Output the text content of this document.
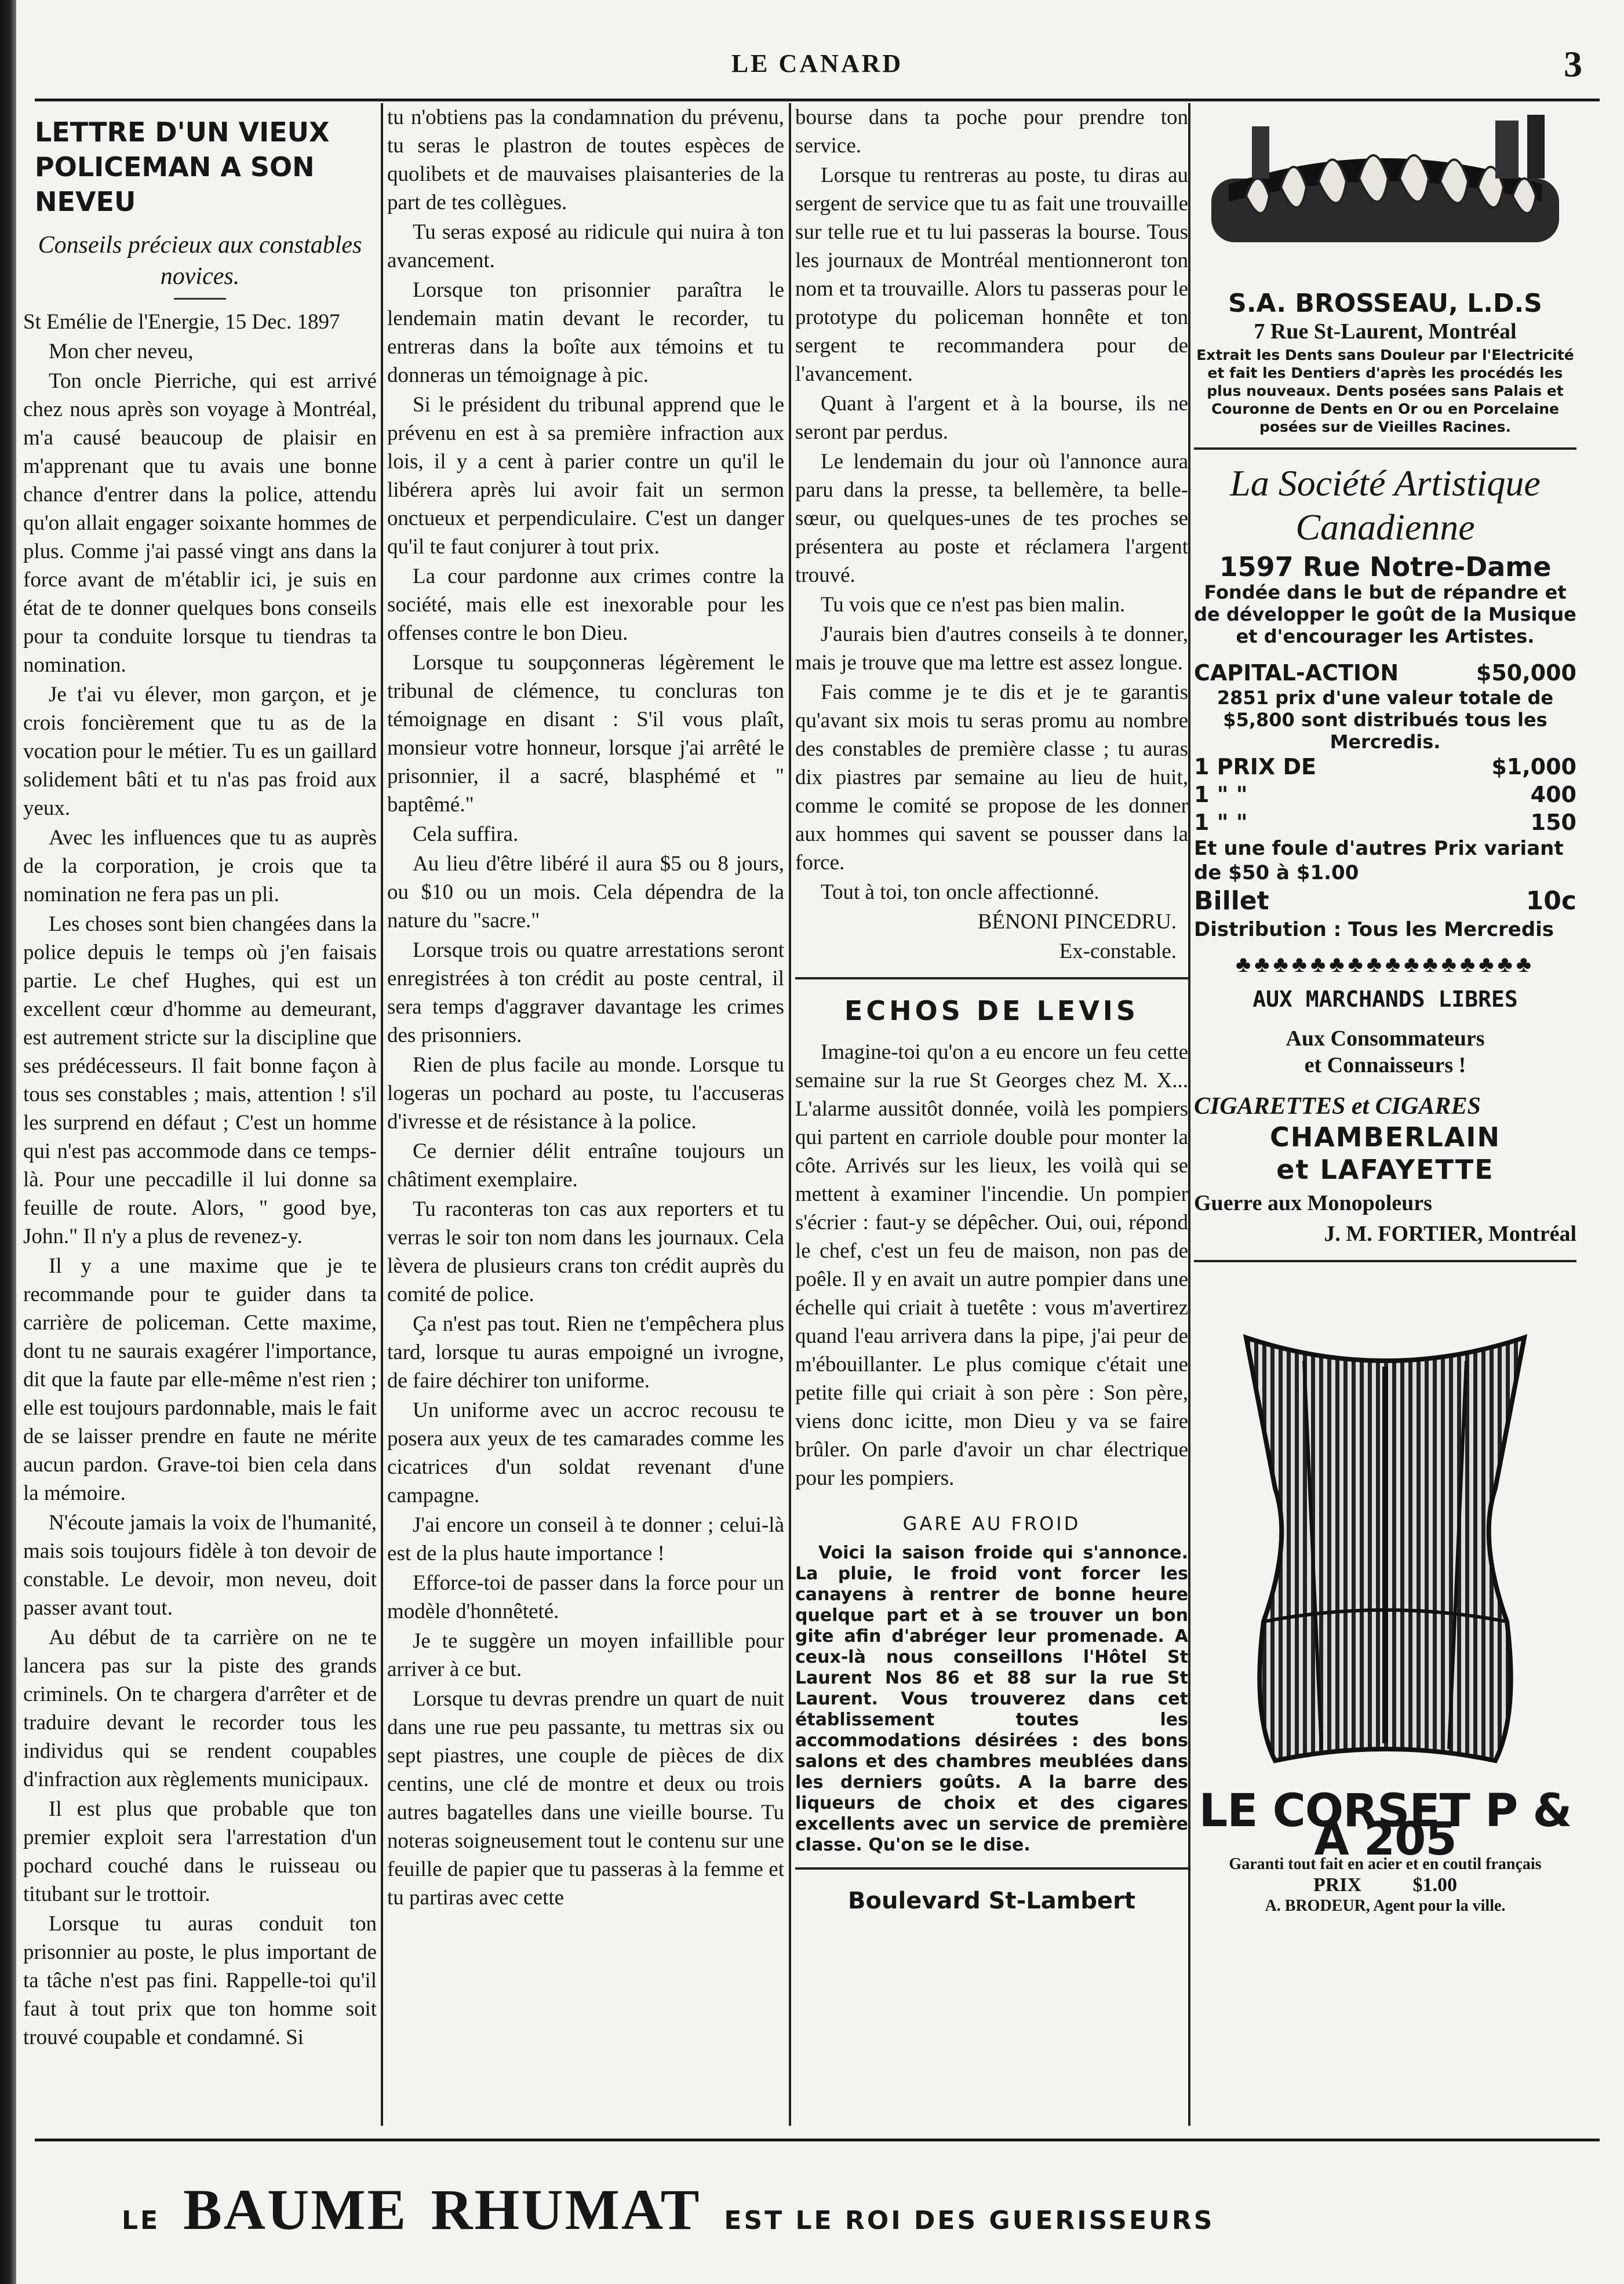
LE CANARD	3
LETTRE D'UN VIEUX
POLICEMAN A SON NEVEU
Conseils précieux aux constables novices.

St Emélie de l'Energie, 15 Dec. 1897

Mon cher neveu,

Ton oncle Pierriche, qui est arrivé chez nous après son voyage à Montréal, m'a causé beaucoup de plaisir en m'apprenant que tu avais une bonne chance d'entrer dans la police, attendu qu'on allait engager soixante hommes de plus. Comme j'ai passé vingt ans dans la force avant de m'établir ici, je suis en état de te donner quelques bons conseils pour ta conduite lorsque tu tiendras ta nomination.

Je t'ai vu élever, mon garçon, et je crois foncièrement que tu as de la vocation pour le métier. Tu es un gaillard solidement bâti et tu n'as pas froid aux yeux.

Avec les influences que tu as auprès de la corporation, je crois que ta nomination ne fera pas un pli.

Les choses sont bien changées dans la police depuis le temps où j'en faisais partie. Le chef Hughes, qui est un excellent cœur d'homme au demeurant, est autrement stricte sur la discipline que ses prédécesseurs. Il fait bonne façon à tous ses constables ; mais, attention ! s'il les surprend en défaut ; C'est un homme qui n'est pas accommode dans ce temps-là. Pour une peccadille il lui donne sa feuille de route. Alors, " good bye, John." Il n'y a plus de revenez-y.

Il y a une maxime que je te recommande pour te guider dans ta carrière de policeman. Cette maxime, dont tu ne saurais exagérer l'importance, dit que la faute par elle-même n'est rien ; elle est toujours pardonnable, mais le fait de se laisser prendre en faute ne mérite aucun pardon. Grave-toi bien cela dans la mémoire.

N'écoute jamais la voix de l'humanité, mais sois toujours fidèle à ton devoir de constable. Le devoir, mon neveu, doit passer avant tout.

Au début de ta carrière on ne te lancera pas sur la piste des grands criminels. On te chargera d'arrêter et de traduire devant le recorder tous les individus qui se rendent coupables d'infraction aux règlements municipaux.

Il est plus que probable que ton premier exploit sera l'arrestation d'un pochard couché dans le ruisseau ou titubant sur le trottoir.

Lorsque tu auras conduit ton prisonnier au poste, le plus important de ta tâche n'est pas fini. Rappelle-toi qu'il faut à tout prix que ton homme soit trouvé coupable et condamné. Si

tu n'obtiens pas la condamnation du prévenu, tu seras le plastron de toutes espèces de quolibets et de mauvaises plaisanteries de la part de tes collègues.

Tu seras exposé au ridicule qui nuira à ton avancement.

Lorsque ton prisonnier paraîtra le lendemain matin devant le recorder, tu entreras dans la boîte aux témoins et tu donneras un témoignage à pic.

Si le président du tribunal apprend que le prévenu en est à sa première infraction aux lois, il y a cent à parier contre un qu'il le libérera après lui avoir fait un sermon onctueux et perpendiculaire. C'est un danger qu'il te faut conjurer à tout prix.

La cour pardonne aux crimes contre la société, mais elle est inexorable pour les offenses contre le bon Dieu.

Lorsque tu soupçonneras légèrement le tribunal de clémence, tu concluras ton témoignage en disant : S'il vous plaît, monsieur votre honneur, lorsque j'ai arrêté le prisonnier, il a sacré, blasphémé et " baptêmé."

Cela suffira.

Au lieu d'être libéré il aura $5 ou 8 jours, ou $10 ou un mois. Cela dépendra de la nature du "sacre."

Lorsque trois ou quatre arrestations seront enregistrées à ton crédit au poste central, il sera temps d'aggraver davantage les crimes des prisonniers.

Rien de plus facile au monde. Lorsque tu logeras un pochard au poste, tu l'accuseras d'ivresse et de résistance à la police.

Ce dernier délit entraîne toujours un châtiment exemplaire.

Tu raconteras ton cas aux reporters et tu verras le soir ton nom dans les journaux. Cela lèvera de plusieurs crans ton crédit auprès du comité de police.

Ça n'est pas tout. Rien ne t'empêchera plus tard, lorsque tu auras empoigné un ivrogne, de faire déchirer ton uniforme.

Un uniforme avec un accroc recousu te posera aux yeux de tes camarades comme les cicatrices d'un soldat revenant d'une campagne.

J'ai encore un conseil à te donner ; celui-là est de la plus haute importance !

Efforce-toi de passer dans la force pour un modèle d'honnêteté.

Je te suggère un moyen infaillible pour arriver à ce but.

Lorsque tu devras prendre un quart de nuit dans une rue peu passante, tu mettras six ou sept piastres, une couple de pièces de dix centins, une clé de montre et deux ou trois autres bagatelles dans une vieille bourse. Tu noteras soigneusement tout le contenu sur une feuille de papier que tu passeras à la femme et tu partiras avec cette

bourse dans ta poche pour prendre ton service.

Lorsque tu rentreras au poste, tu diras au sergent de service que tu as fait une trouvaille sur telle rue et tu lui passeras la bourse. Tous les journaux de Montréal mentionneront ton nom et ta trouvaille. Alors tu passeras pour le prototype du policeman honnête et ton sergent te recommandera pour de l'avancement.

Quant à l'argent et à la bourse, ils ne seront par perdus.

Le lendemain du jour où l'annonce aura paru dans la presse, ta bellemère, ta belle-sœur, ou quelques-unes de tes proches se présentera au poste et réclamera l'argent trouvé.

Tu vois que ce n'est pas bien malin.

J'aurais bien d'autres conseils à te donner, mais je trouve que ma lettre est assez longue.

Fais comme je te dis et je te garantis qu'avant six mois tu seras promu au nombre des constables de première classe ; tu auras dix piastres par semaine au lieu de huit, comme le comité se propose de les donner aux hommes qui savent se pousser dans la force.

Tout à toi, ton oncle affectionné.

BÉNONI PINCEDRU.

Ex-constable.

ECHOS DE LEVIS

Imagine-toi qu'on a eu encore un feu cette semaine sur la rue St Georges chez M. X... L'alarme aussitôt donnée, voilà les pompiers qui partent en carriole double pour monter la côte. Arrivés sur les lieux, les voilà qui se mettent à examiner l'incendie. Un pompier s'écrier : faut-y se dépêcher. Oui, oui, répond le chef, c'est un feu de maison, non pas de poêle. Il y en avait un autre pompier dans une échelle qui criait à tuetête : vous m'avertirez quand l'eau arrivera dans la pipe, j'ai peur de m'ébouillanter. Le plus comique c'était une petite fille qui criait à son père : Son père, viens donc icitte, mon Dieu y va se faire brûler. On parle d'avoir un char électrique pour les pompiers.

GARE AU FROID

Voici la saison froide qui s'annonce. La pluie, le froid vont forcer les canayens à rentrer de bonne heure quelque part et à se trouver un bon gite afin d'abréger leur promenade. A ceux-là nous conseillons l'Hôtel St Laurent Nos 86 et 88 sur la rue St Laurent. Vous trouverez dans cet établissement toutes les accommodations désirées : des bons salons et des chambres meublées dans les derniers goûts. A la barre des liqueurs de choix et des cigares excellents avec un service de première classe. Qu'on se le dise.

Boulevard St-Lambert
S.A. BROSSEAU, L.D.S
7 Rue St-Laurent, Montréal
Extrait les Dents sans Douleur par l'Electricité et fait les Dentiers d'après les procédés les plus nouveaux. Dents posées sans Palais et Couronne de Dents en Or ou en Porcelaine posées sur de Vieilles Racines.
La Société Artistique Canadienne
1597 Rue Notre-Dame
Fondée dans le but de répandre et de développer le goût de la Musique et d'encourager les Artistes.
CAPITAL-ACTION	$50,000
2851 prix d'une valeur totale de $5,800 sont distribués tous les Mercredis.
1 PRIX DE	$1,000
1 " "	400
1 " "	150
Et une foule d'autres Prix variant de $50 à $1.00
Billet	10c
Distribution : Tous les Mercredis
♣♣♣♣♣♣♣♣♣♣♣♣♣♣♣♣
AUX MARCHANDS LIBRES
Aux Consommateurs
et Connaisseurs !
CIGARETTES et CIGARES
CHAMBERLAIN
et LAFAYETTE
Guerre aux Monopoleurs
J. M. FORTIER, Montréal
LE CORSET P & A 205
Garanti tout fait en acier et en coutil français
PRIX	$1.00
A. BRODEUR, Agent pour la ville.
LE BAUME RHUMAT EST LE ROI DES GUERISSEURS
